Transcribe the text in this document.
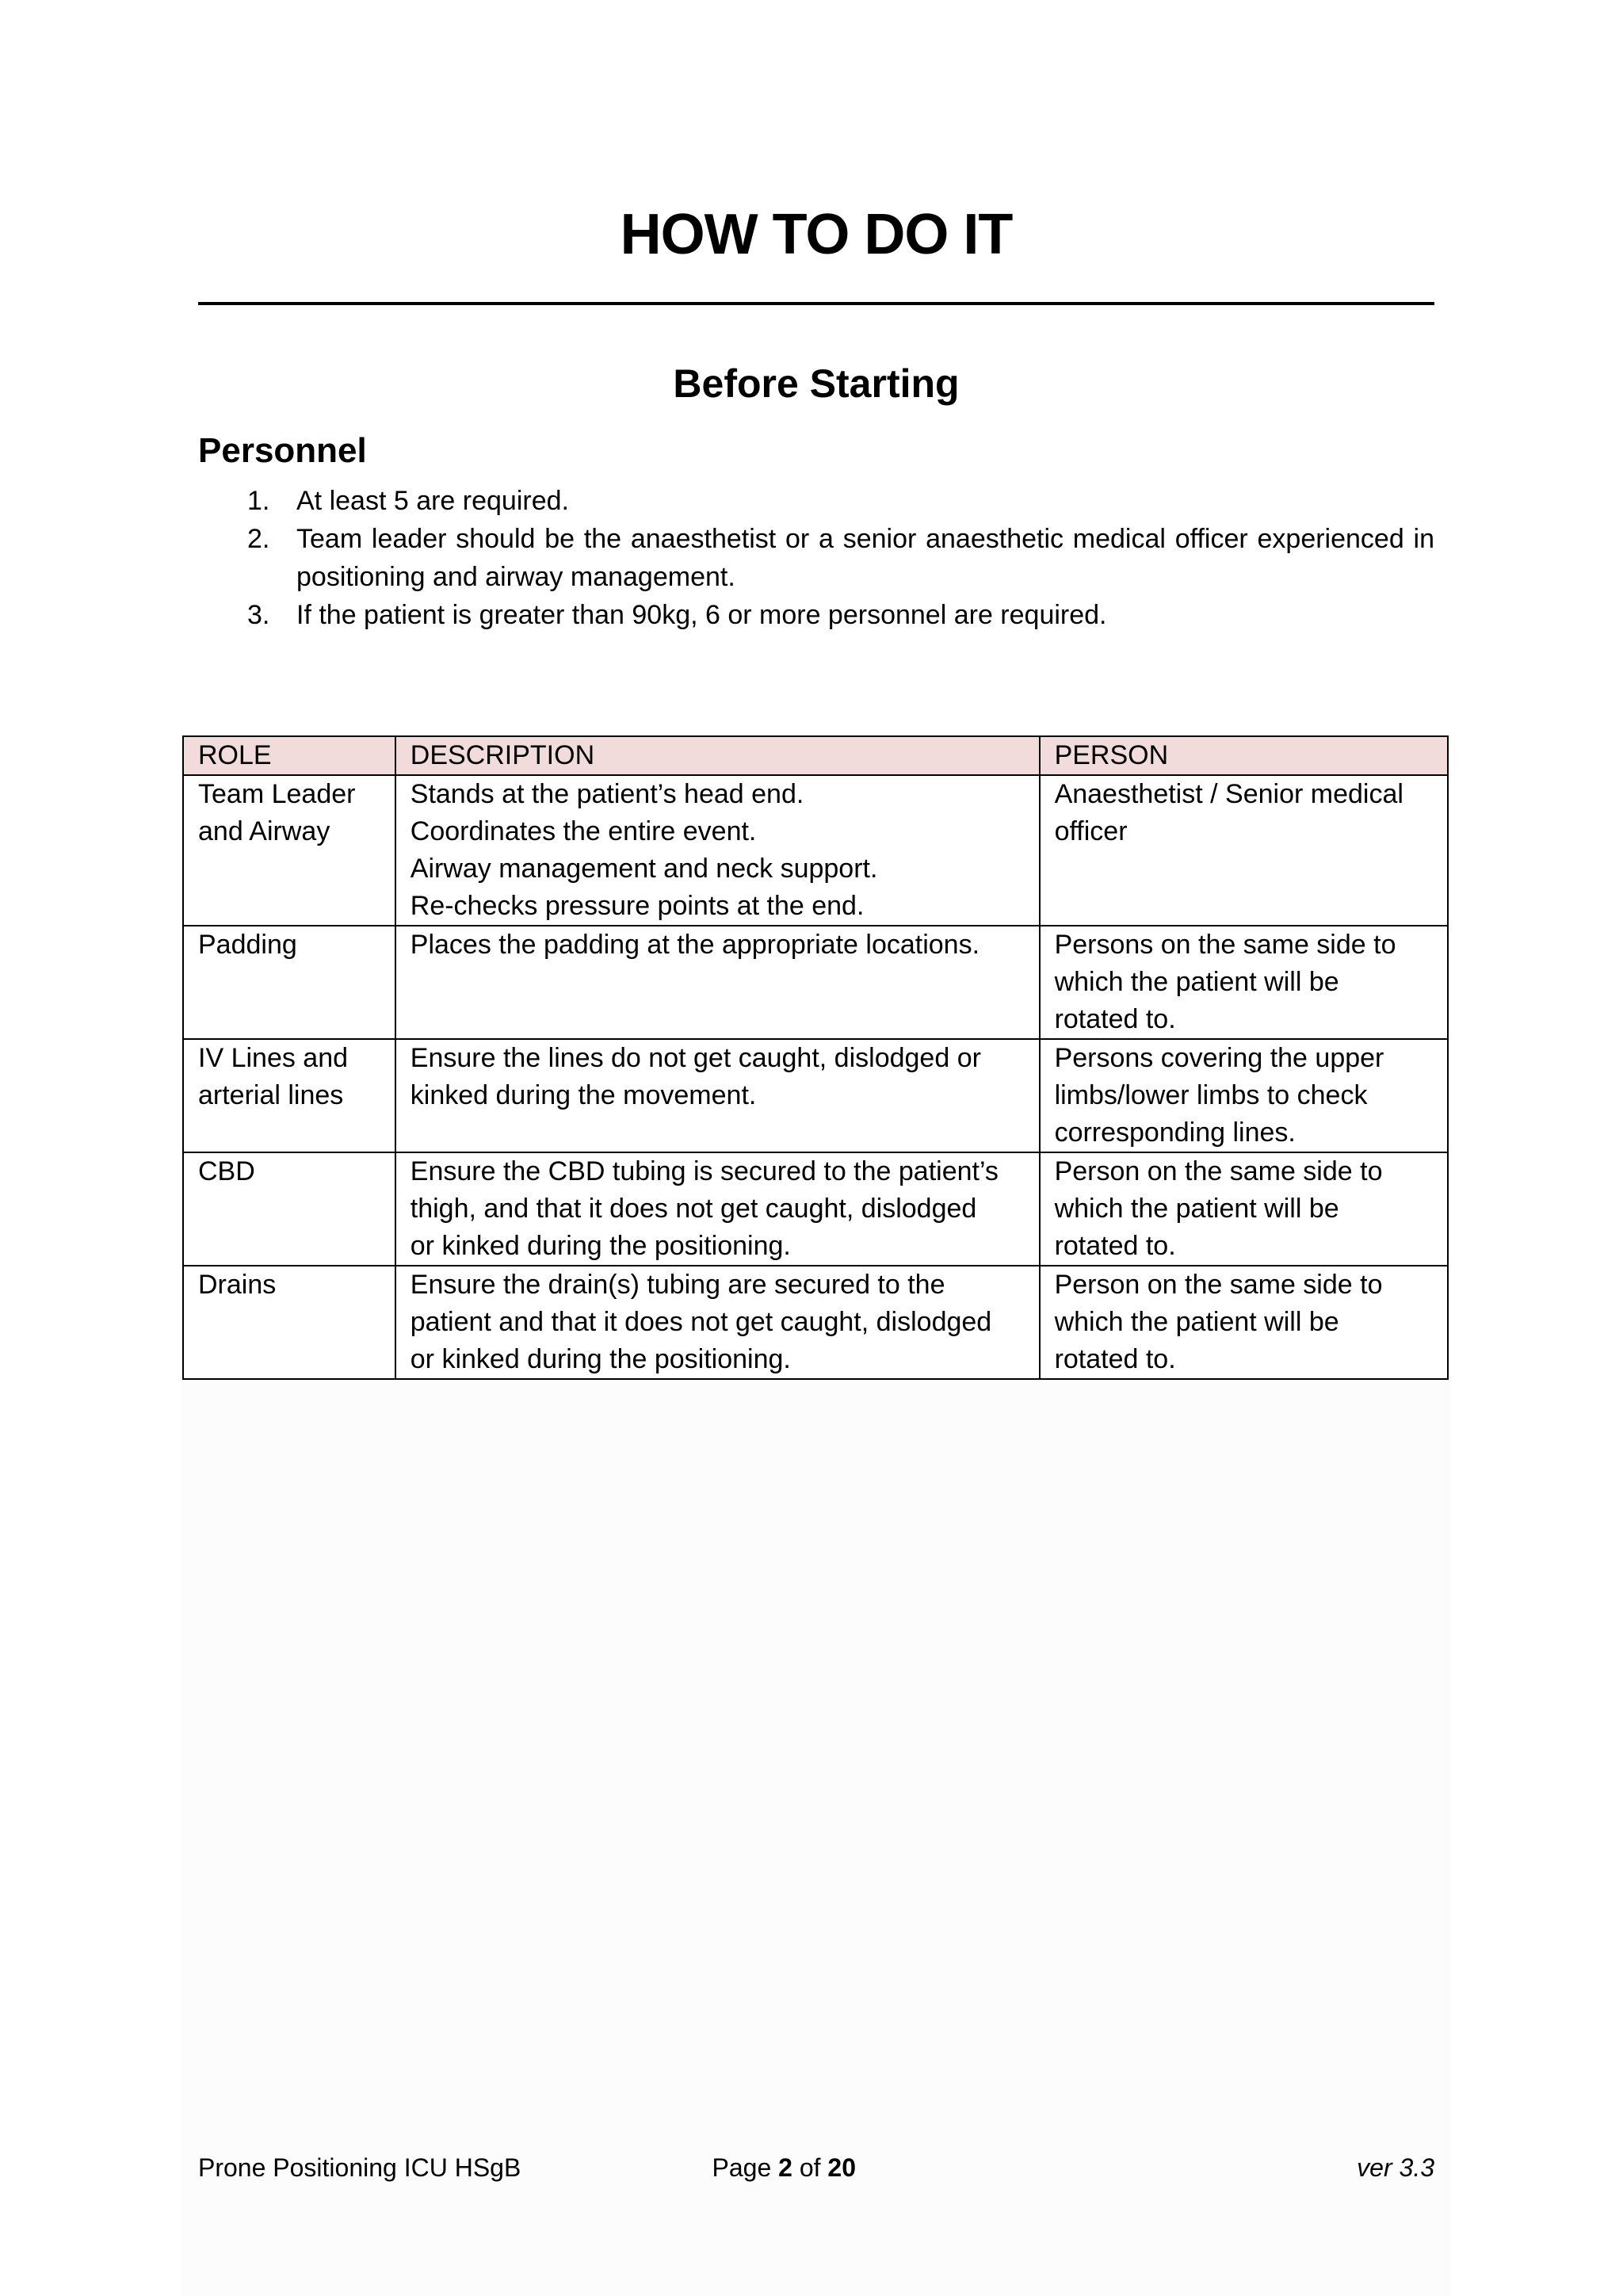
HOW TO DO IT
Before Starting
Personnel
1. At least 5 are required.
2. Team leader should be the anaesthetist or a senior anaesthetic medical officer experienced in positioning and airway management.
3. If the patient is greater than 90kg, 6 or more personnel are required.
ROLE	DESCRIPTION	PERSON

Team Leader
and Airway	Stands at the patient’s head end.
Coordinates the entire event.
Airway management and neck support.
Re-checks pressure points at the end.	Anaesthetist / Senior medical
officer

Padding	Places the padding at the appropriate locations.	Persons on the same side to
which the patient will be
rotated to.

IV Lines and
arterial lines	Ensure the lines do not get caught, dislodged or
kinked during the movement.	Persons covering the upper
limbs/lower limbs to check
corresponding lines.

CBD	Ensure the CBD tubing is secured to the patient’s
thigh, and that it does not get caught, dislodged
or kinked during the positioning.	Person on the same side to
which the patient will be
rotated to.

Drains	Ensure the drain(s) tubing are secured to the
patient and that it does not get caught, dislodged
or kinked during the positioning.	Person on the same side to
which the patient will be
rotated to.
Prone Positioning ICU HSgB	Page 2 of 20	ver 3.3
